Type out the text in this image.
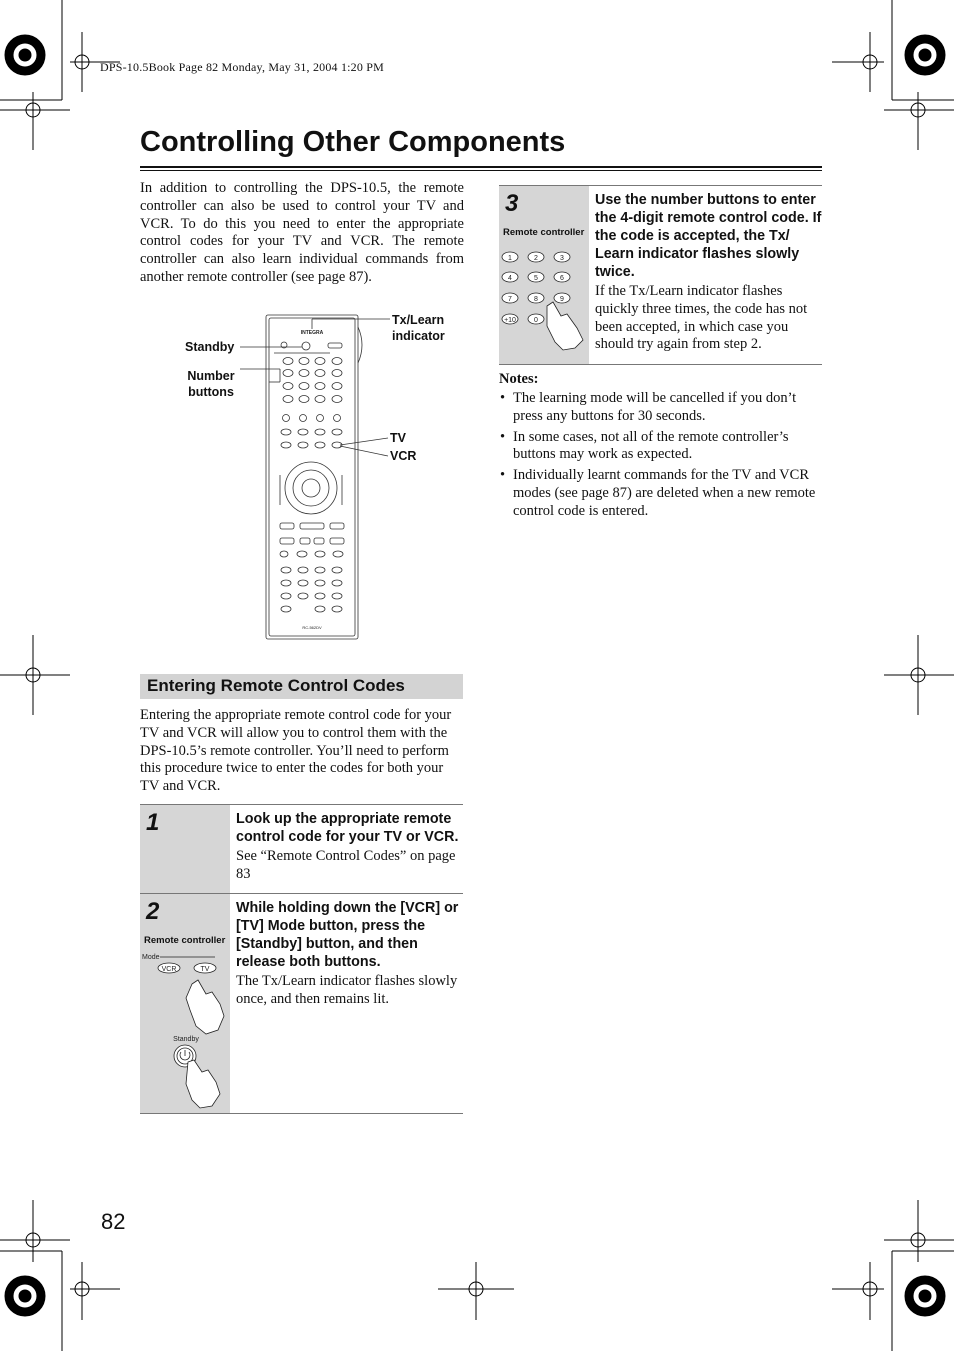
DPS-10.5Book Page 82 Monday, May 31, 2004 1:20 PM
Controlling Other Components

In addition to controlling the DPS-10.5, the remote controller can also be used to control your TV and VCR. To do this you need to enter the appropriate control codes for your TV and VCR. The remote controller can also learn individual commands from another remote controller (see page 87).

INTEGRA
RC-562DV
Tx/Learn indicator
Standby
Number buttons
TV
VCR
Entering Remote Control Codes

Entering the appropriate remote control code for your TV and VCR will allow you to control them with the DPS-10.5’s remote controller. You’ll need to perform this procedure twice to enter the codes for both your TV and VCR.

1	Look up the appropriate remote control code for your TV or VCR.

See “Remote Control Codes” on page 83

2
Remote controller
Mode
VCR	TV
Standby

While holding down the [VCR] or [TV] Mode button, press the [Standby] button, and then release both buttons.

The Tx/Learn indicator flashes slowly once, and then remains lit.

3
Remote controller
1	2	3
4	5	6
7	8	9
+10	0

Use the number buttons to enter the 4-digit remote control code. If the code is accepted, the Tx/ Learn indicator flashes slowly twice.

If the Tx/Learn indicator flashes quickly three times, the code has not been accepted, in which case you should try again from step 2.

Notes:
• The learning mode will be cancelled if you don’t press any buttons for 30 seconds.
• In some cases, not all of the remote controller’s buttons may work as expected.
• Individually learnt commands for the TV and VCR modes (see page 87) are deleted when a new remote control code is entered.
82
